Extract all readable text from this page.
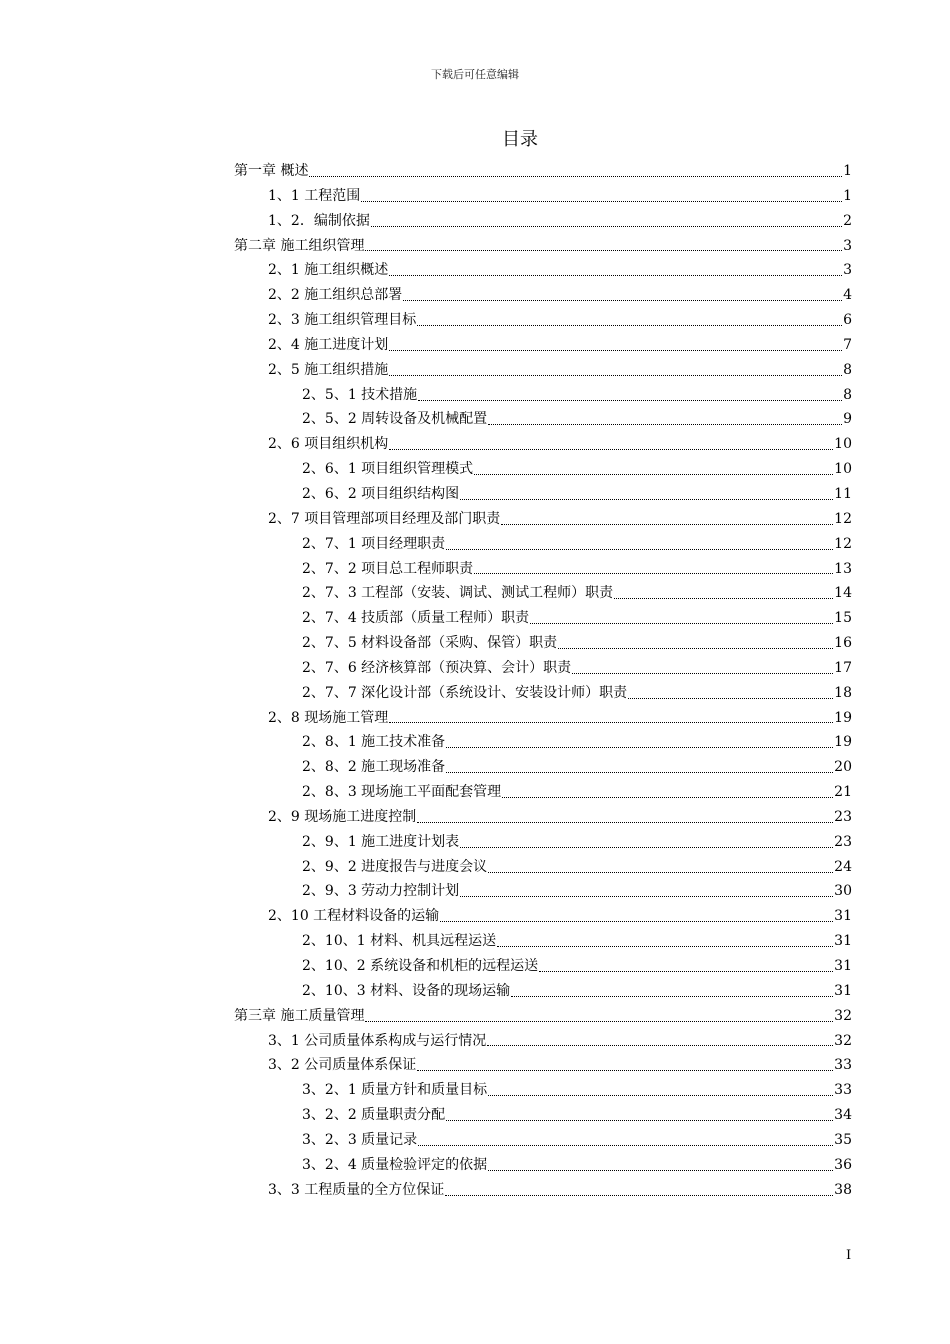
下载后可任意编辑
目录
第一章 概述	1
1、1 工程范围	1
1、2．编制依据	2
第二章 施工组织管理	3
2、1 施工组织概述	3
2、2 施工组织总部署	4
2、3 施工组织管理目标	6
2、4 施工进度计划	7
2、5 施工组织措施	8
2、5、1 技术措施	8
2、5、2 周转设备及机械配置	9
2、6 项目组织机构	10
2、6、1 项目组织管理模式	10
2、6、2 项目组织结构图	11
2、7 项目管理部项目经理及部门职责	12
2、7、1 项目经理职责	12
2、7、2 项目总工程师职责	13
2、7、3 工程部（安装、调试、测试工程师）职责	14
2、7、4 技质部（质量工程师）职责	15
2、7、5 材料设备部（采购、保管）职责	16
2、7、6 经济核算部（预决算、会计）职责	17
2、7、7 深化设计部（系统设计、安装设计师）职责	18
2、8 现场施工管理	19
2、8、1 施工技术准备	19
2、8、2 施工现场准备	20
2、8、3 现场施工平面配套管理	21
2、9 现场施工进度控制	23
2、9、1 施工进度计划表	23
2、9、2 进度报告与进度会议	24
2、9、3 劳动力控制计划	30
2、10 工程材料设备的运输	31
2、10、1 材料、机具远程运送	31
2、10、2 系统设备和机柜的远程运送	31
2、10、3 材料、设备的现场运输	31
第三章 施工质量管理	32
3、1 公司质量体系构成与运行情况	32
3、2 公司质量体系保证	33
3、2、1 质量方针和质量目标	33
3、2、2 质量职责分配	34
3、2、3 质量记录	35
3、2、4 质量检验评定的依据	36
3、3 工程质量的全方位保证	38
I
